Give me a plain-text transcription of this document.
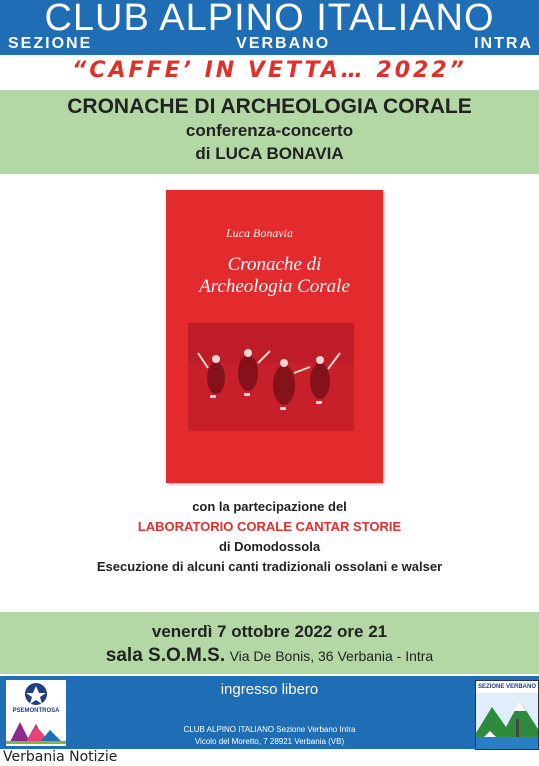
CLUB ALPINO ITALIANO
SEZIONE	VERBANO	INTRA
“CAFFE’ IN VETTA… 2022”
CRONACHE DI ARCHEOLOGIA CORALE
conferenza-concerto
di LUCA BONAVIA
Luca Bonavia
Cronache di
Archeologia Corale
con la partecipazione del
LABORATORIO CORALE CANTAR STORIE
di Domodossola
Esecuzione di alcuni canti tradizionali ossolani e walser
venerdì 7 ottobre 2022 ore 21
sala S.O.M.S. Via De Bonis, 36 Verbania - Intra
PSEMONTROSA
ingresso libero
CLUB ALPINO ITALIANO Sezione Verbano Intra
Vicolo del Moretto, 7 28921 Verbania (VB)
SEZIONE VERBANO
Verbania Notizie
